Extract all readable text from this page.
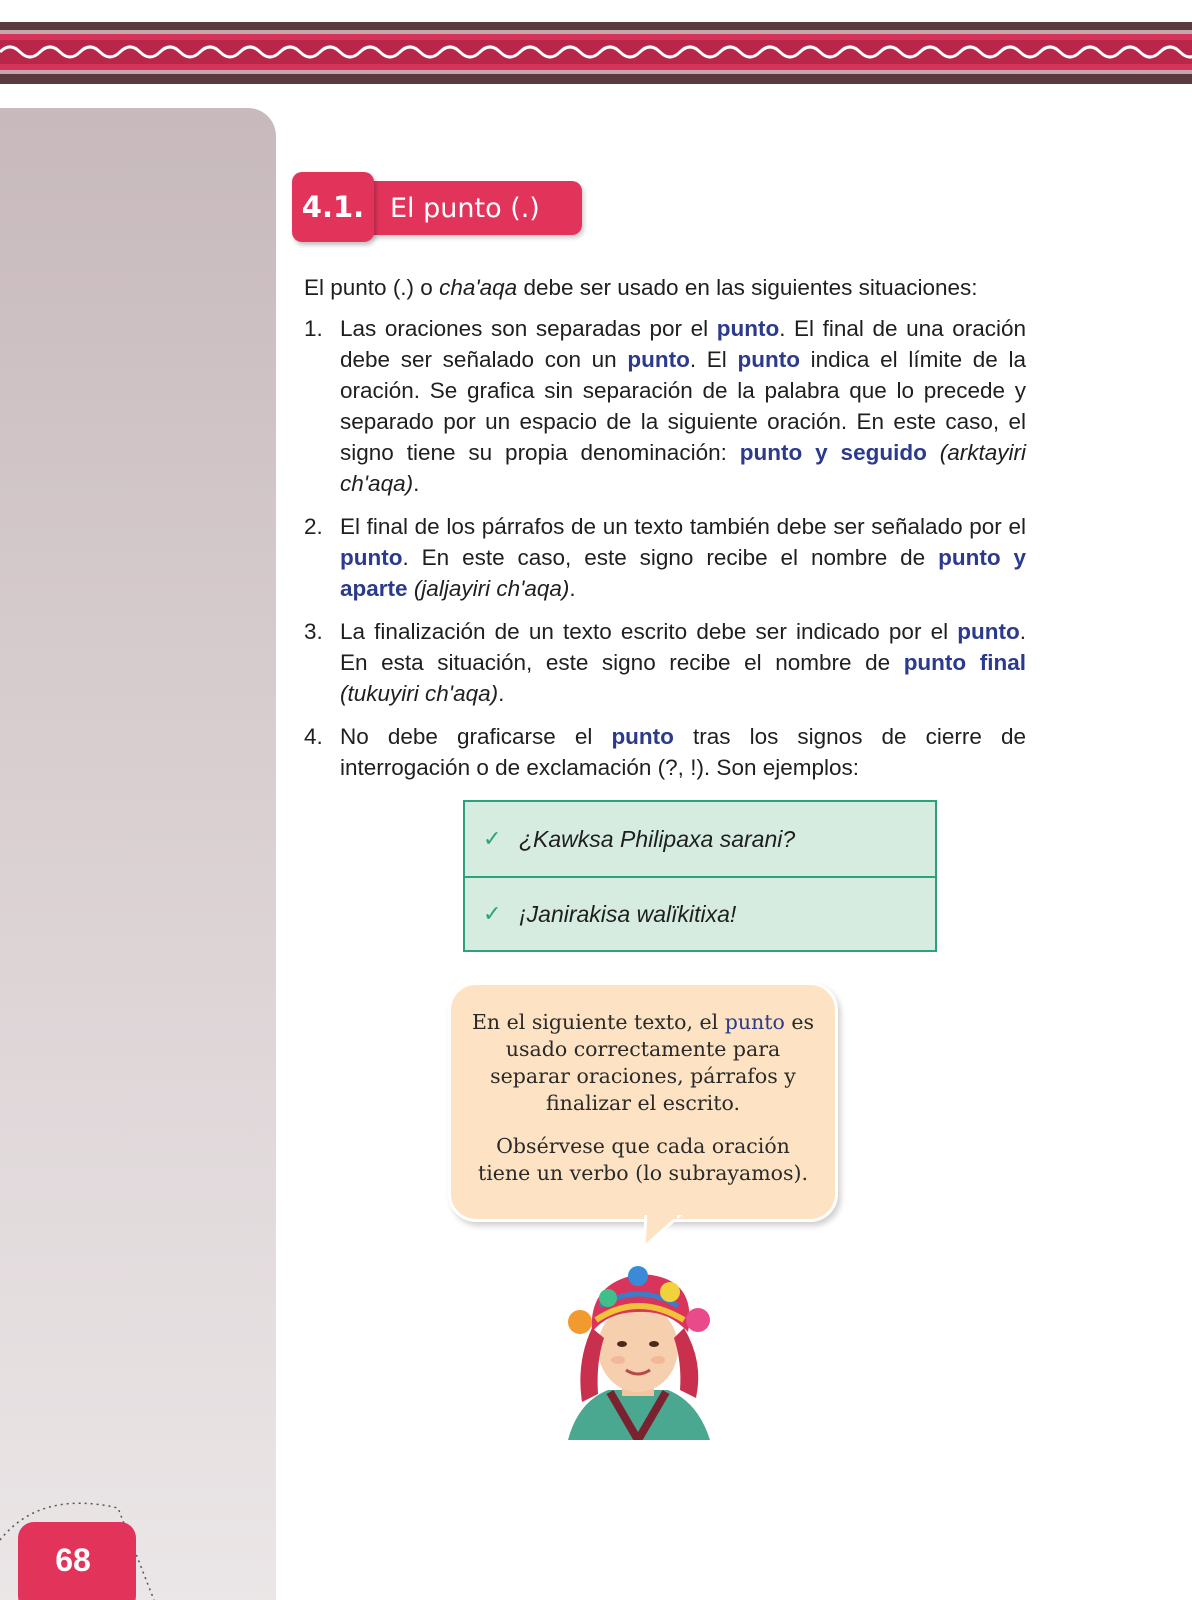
El punto (.)
4.1.

El punto (.) o cha'aqa debe ser usado en las siguientes situaciones:

1. Las oraciones son separadas por el punto. El final de una oración debe ser señalado con un punto. El punto indica el límite de la oración. Se grafica sin separación de la palabra que lo precede y separado por un espacio de la siguiente oración. En este caso, el signo tiene su propia denominación: punto y seguido (arktayiri ch'aqa).
2. El final de los párrafos de un texto también debe ser señalado por el punto. En este caso, este signo recibe el nombre de punto y aparte (jaljayiri ch'aqa).
3. La finalización de un texto escrito debe ser indicado por el punto. En esta situación, este signo recibe el nombre de punto final (tukuyiri ch'aqa).
4. No debe graficarse el punto tras los signos de cierre de interrogación o de exclamación (?, !). Son ejemplos:
✓ ¿Kawksa Philipaxa sarani?
✓ ¡Janirakisa walïkitixa!

En el siguiente texto, el punto es usado correctamente para separar oraciones, párrafos y finalizar el escrito.

Obsérvese que cada oración tiene un verbo (lo subrayamos).

68
